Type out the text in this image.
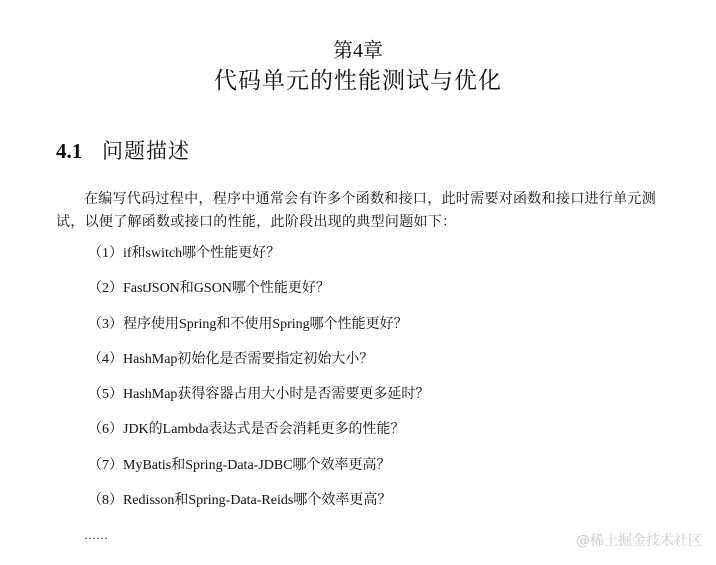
第4章
代码单元的性能测试与优化
4.1 问题描述

在编写代码过程中，程序中通常会有许多个函数和接口，此时需要对函数和接口进行单元测试，以便了解函数或接口的性能，此阶段出现的典型问题如下：

（1）if和switch哪个性能更好？
（2）FastJSON和GSON哪个性能更好？
（3）程序使用Spring和不使用Spring哪个性能更好？
（4）HashMap初始化是否需要指定初始大小？
（5）HashMap获得容器占用大小时是否需要更多延时？
（6）JDK的Lambda表达式是否会消耗更多的性能？
（7）MyBatis和Spring-Data-JDBC哪个效率更高？
（8）Redisson和Spring-Data-Reids哪个效率更高？
……	@稀土掘金技术社区
